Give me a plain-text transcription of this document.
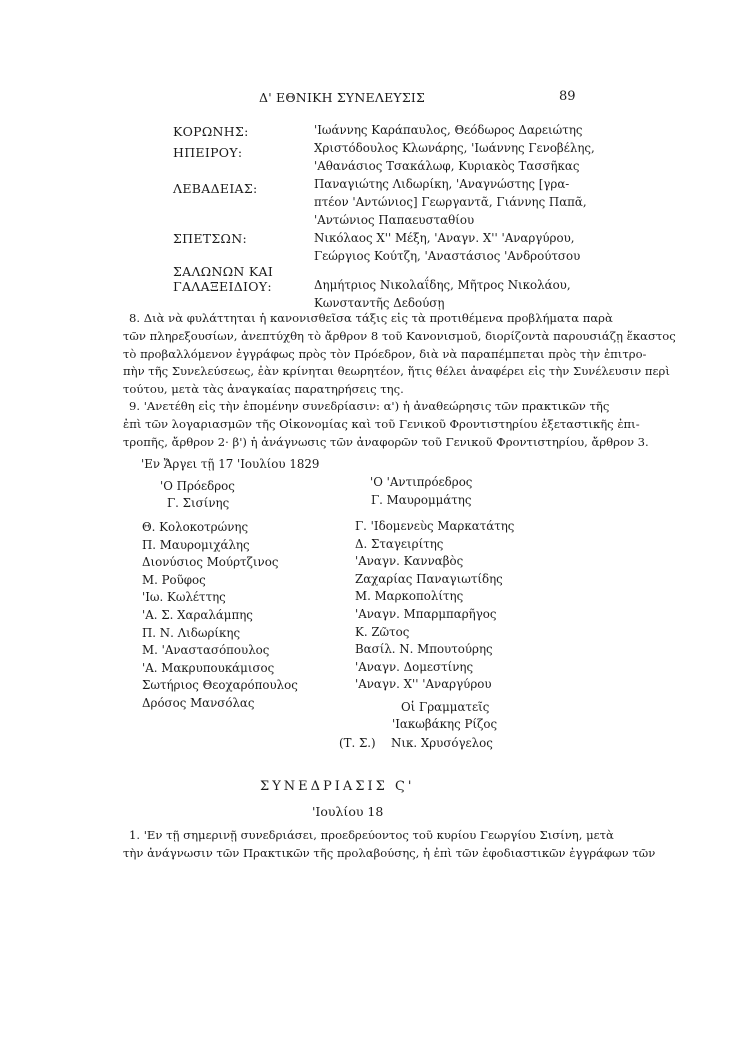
Δ' ΕΘΝΙΚΗ ΣΥΝΕΛΕΥΣΙΣ	89
ΚΟΡΩΝΗΣ:	'Ιωάννης Καράπαυλος, Θεόδωρος Δαρειώτης
ΗΠΕΙΡΟΥ:	Χριστόδουλος Κλωνάρης, 'Ιωάννης Γενοβέλης,
'Αθανάσιος Τσακάλωφ, Κυριακὸς Τασσῆκας
ΛΕΒΑΔΕΙΑΣ:	Παναγιώτης Λιδωρίκη, 'Αναγνώστης [γρα-
πτέον 'Αντώνιος] Γεωργαντᾶ, Γιάννης Παπᾶ,
'Αντώνιος Παπαευσταθίου
ΣΠΕΤΣΩΝ:	Νικόλαος Χ'' Μέξη, 'Αναγν. Χ'' 'Αναργύρου,
Γεώργιος Κούτζη, 'Αναστάσιος 'Ανδρούτσου
ΣΑΛΩΝΩΝ ΚΑΙ
ΓΑΛΑΞΕΙΔΙΟΥ:	Δημήτριος Νικολαΐδης, Μῆτρος Νικολάου,
Κωνσταντῆς Δεδούσῃ
8. Διὰ νὰ φυλάττηται ἡ κανονισθεῖσα τάξις εἰς τὰ προτιθέμενα προβλήματα παρὰ
τῶν πληρεξουσίων, ἀνεπτύχθη τὸ ἄρθρον 8 τοῦ Κανονισμοῦ, διορίζοντὰ παρουσιάζῃ ἕκαστος
τὸ προβαλλόμενον ἐγγράφως πρὸς τὸν Πρόεδρον, διὰ νὰ παραπέμπεται πρὸς τὴν ἐπιτρο-
πὴν τῆς Συνελεύσεως, ἐὰν κρίνηται θεωρητέον, ἥτις θέλει ἀναφέρει εἰς τὴν Συνέλευσιν περὶ
τούτου, μετὰ τὰς ἀναγκαίας παρατηρήσεις της.
9. 'Ανετέθη εἰς τὴν ἑπομένην συνεδρίασιν: α') ἡ ἀναθεώρησις τῶν πρακτικῶν τῆς
ἐπὶ τῶν λογαριασμῶν τῆς Οἰκονομίας καὶ τοῦ Γενικοῦ Φροντιστηρίου ἐξεταστικῆς ἐπι-
τροπῆς, ἄρθρον 2· β') ἡ ἀνάγνωσις τῶν ἀναφορῶν τοῦ Γενικοῦ Φροντιστηρίου, ἄρθρον 3.
'Εν Ἄργει τῇ 17 'Ιουλίου 1829
'Ο Πρόεδρος
Γ. Σισίνης
'Ο 'Αντιπρόεδρος
Γ. Μαυρομμάτης
Θ. Κολοκοτρώνης
Π. Μαυρομιχάλης
Διονύσιος Μούρτζινος
Μ. Ροῦφος
'Ιω. Κωλέττης
'Α. Σ. Χαραλάμπης
Π. Ν. Λιδωρίκης
Μ. 'Αναστασόπουλος
'Α. Μακρυπουκάμισος
Σωτήριος Θεοχαρόπουλος
Δρόσος Μανσόλας
Γ. 'Ιδομενεὺς Μαρκατάτης
Δ. Σταγειρίτης
'Αναγν. Κανναβὸς
Ζαχαρίας Παναγιωτίδης
Μ. Μαρκοπολίτης
'Αναγν. Μπαρμπαρῆγος
Κ. Ζῶτος
Βασίλ. Ν. Μπουτούρης
'Αναγν. Δομεστίνης
'Αναγν. Χ'' 'Αναργύρου
Οἱ Γραμματεῖς
'Ιακωβάκης Ρίζος
(Τ. Σ.) Νικ. Χρυσόγελος
ΣΥΝΕΔΡΙΑΣΙΣ Ϛ'
'Ιουλίου 18
1. 'Εν τῇ σημερινῇ συνεδριάσει, προεδρεύοντος τοῦ κυρίου Γεωργίου Σισίνη, μετὰ
τὴν ἀνάγνωσιν τῶν Πρακτικῶν τῆς προλαβούσης, ἡ ἐπὶ τῶν ἐφοδιαστικῶν ἐγγράφων τῶν
